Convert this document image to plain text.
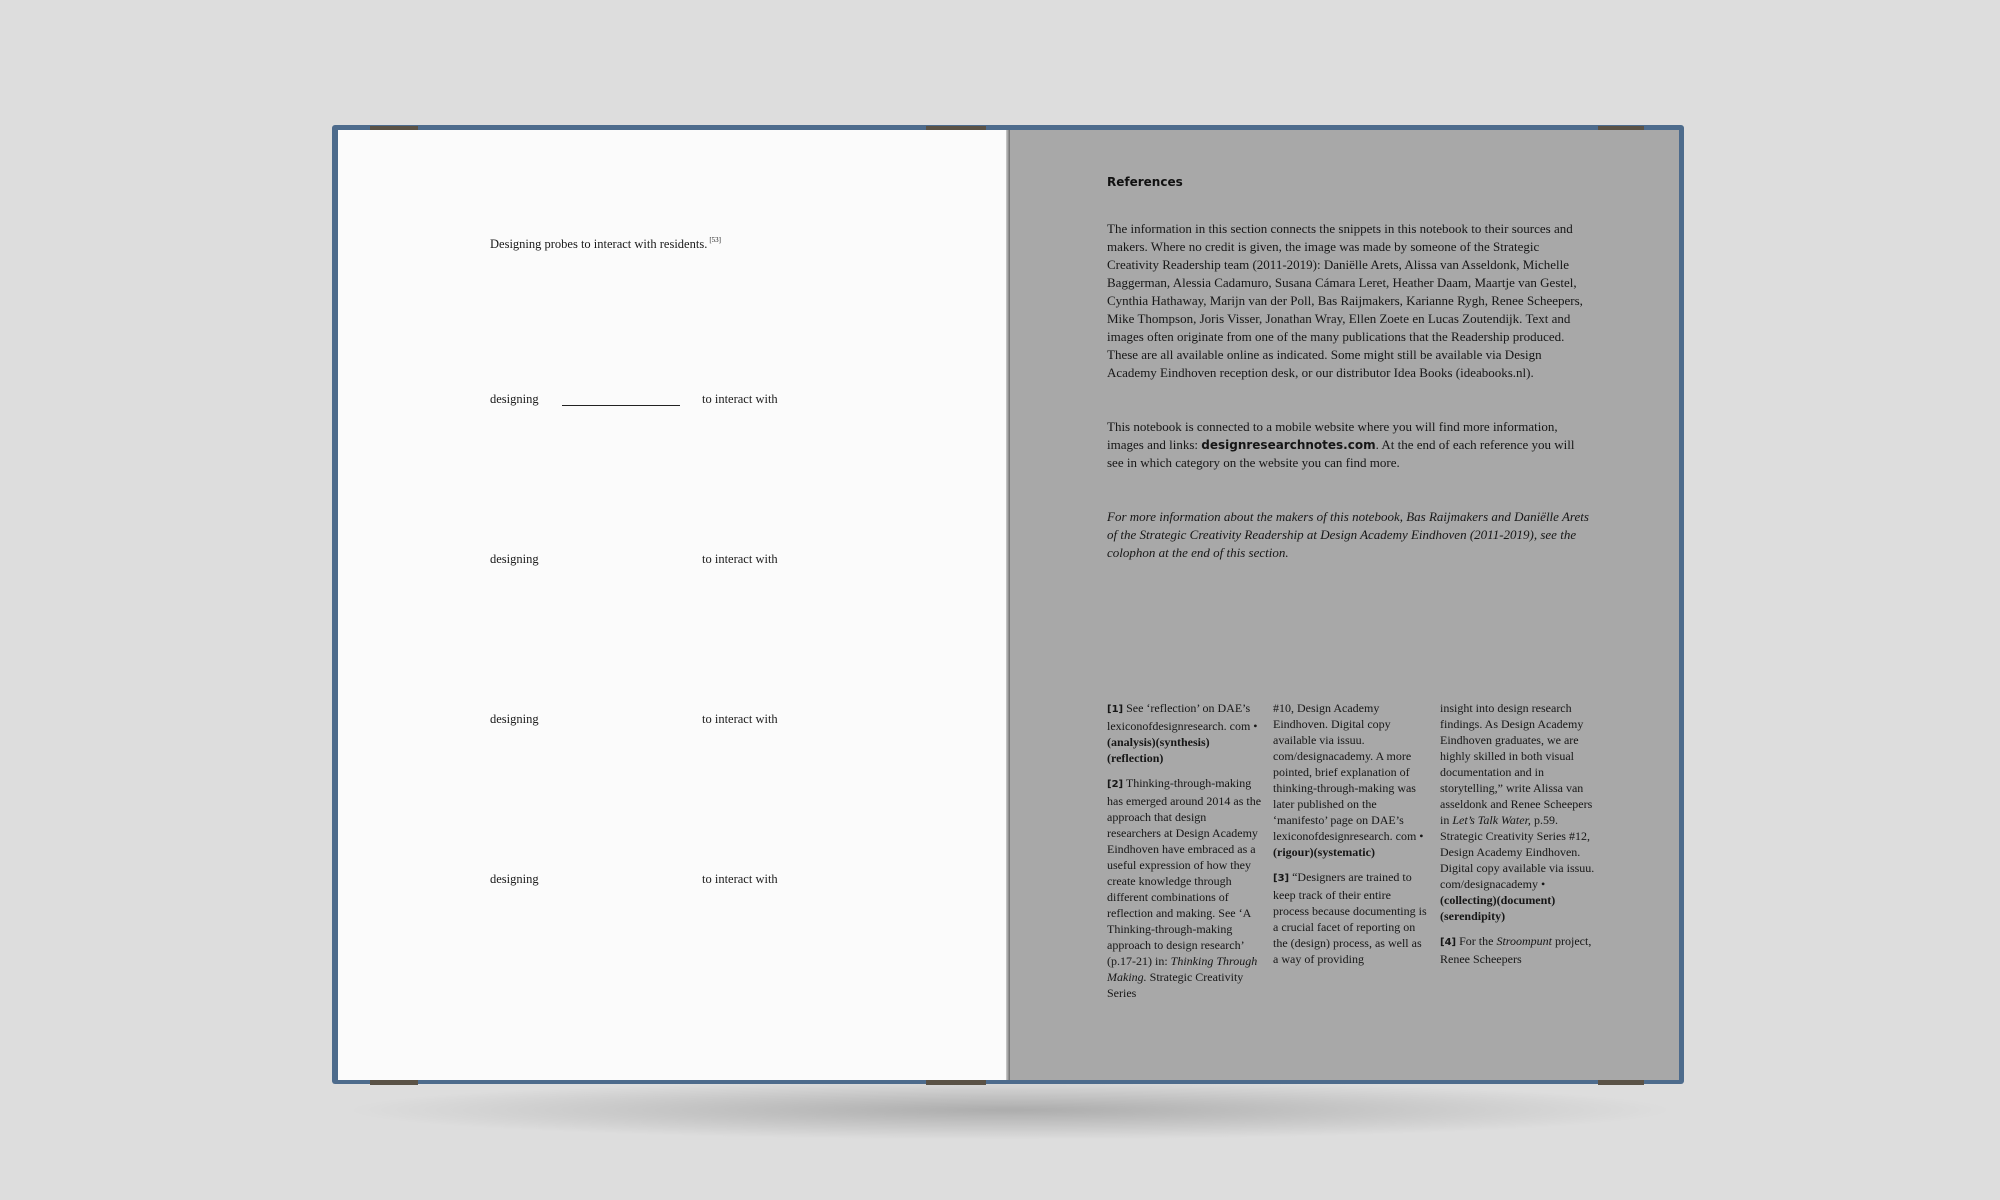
Designing probes to interact with residents. [53]
designing	to interact with
designing	to interact with
designing	to interact with
designing	to interact with
References

The information in this section connects the snippets in this notebook to their sources and makers. Where no credit is given, the image was made by someone of the Strategic Creativity Readership team (2011-2019): Daniëlle Arets, Alissa van Asseldonk, Michelle Baggerman, Alessia Cadamuro, Susana Cámara Leret, Heather Daam, Maartje van Gestel, Cynthia Hathaway, Marijn van der Poll, Bas Raijmakers, Karianne Rygh, Renee Scheepers, Mike Thompson, Joris Visser, Jonathan Wray, Ellen Zoete en Lucas Zoutendijk. Text and images often originate from one of the many publications that the Readership produced. These are all available online as indicated. Some might still be available via Design Academy Eindhoven reception desk, or our distributor Idea Books (ideabooks.nl).

This notebook is connected to a mobile website where you will find more information, images and links: designresearchnotes.com. At the end of each reference you will see in which category on the website you can find more.

For more information about the makers of this notebook, Bas Raijmakers and Daniëlle Arets of the Strategic Creativity Readership at Design Academy Eindhoven (2011-2019), see the colophon at the end of this section.

[1] See ‘reflection’ on DAE’s lexiconofdesignresearch. com • (analysis)(synthesis)(reflection)

[2] Thinking-through-making has emerged around 2014 as the approach that design researchers at Design Academy Eindhoven have embraced as a useful expression of how they create knowledge through different combinations of reflection and making. See ‘A Thinking-through-making approach to design research’ (p.17-21) in: Thinking Through Making. Strategic Creativity Series

#10, Design Academy Eindhoven. Digital copy available via issuu. com/designacademy. A more pointed, brief explanation of thinking-through-making was later published on the ‘manifesto’ page on DAE’s lexiconofdesignresearch. com • (rigour)(systematic)

[3] “Designers are trained to keep track of their entire process because documenting is a crucial facet of reporting on the (design) process, as well as a way of providing

insight into design research findings. As Design Academy Eindhoven graduates, we are highly skilled in both visual documentation and in storytelling,” write Alissa van asseldonk and Renee Scheepers in Let’s Talk Water, p.59. Strategic Creativity Series #12, Design Academy Eindhoven. Digital copy available via issuu. com/designacademy • (collecting)(document)(serendipity)

[4] For the Stroompunt project, Renee Scheepers
